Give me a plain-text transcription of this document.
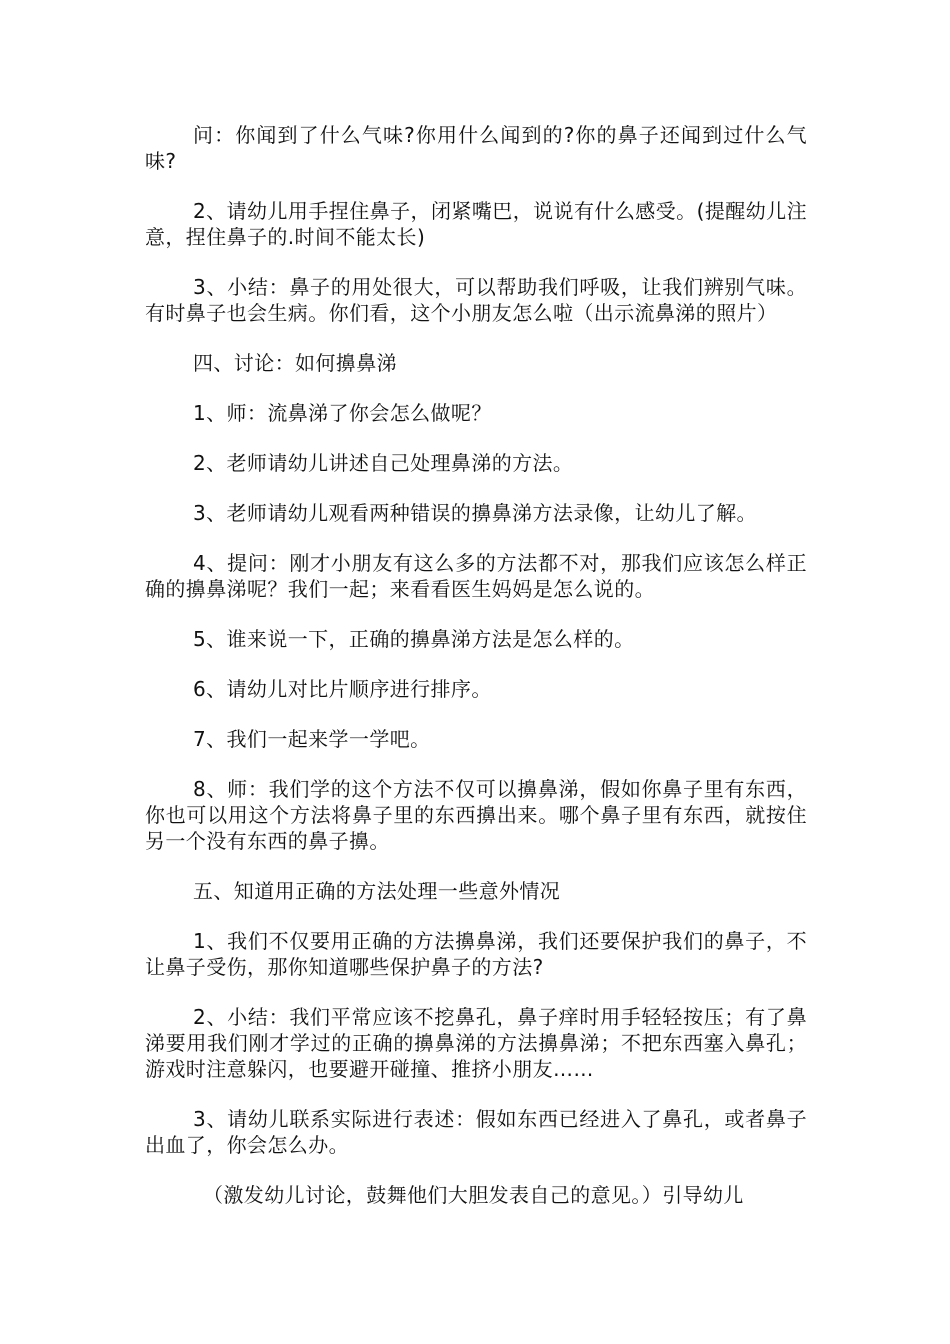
问：你闻到了什么气味?你用什么闻到的?你的鼻子还闻到过什么气味?

2、请幼儿用手捏住鼻子，闭紧嘴巴，说说有什么感受。(提醒幼儿注意，捏住鼻子的.时间不能太长)

3、小结：鼻子的用处很大，可以帮助我们呼吸，让我们辨别气味。有时鼻子也会生病。你们看，这个小朋友怎么啦（出示流鼻涕的照片）

四、讨论：如何擤鼻涕

1、师：流鼻涕了你会怎么做呢？

2、老师请幼儿讲述自己处理鼻涕的方法。

3、老师请幼儿观看两种错误的擤鼻涕方法录像，让幼儿了解。

4、提问：刚才小朋友有这么多的方法都不对，那我们应该怎么样正确的擤鼻涕呢？我们一起；来看看医生妈妈是怎么说的。

5、谁来说一下，正确的擤鼻涕方法是怎么样的。

6、请幼儿对比片顺序进行排序。

7、我们一起来学一学吧。

8、师：我们学的这个方法不仅可以擤鼻涕，假如你鼻子里有东西，你也可以用这个方法将鼻子里的东西擤出来。哪个鼻子里有东西，就按住另一个没有东西的鼻子擤。

五、知道用正确的方法处理一些意外情况

1、我们不仅要用正确的方法擤鼻涕，我们还要保护我们的鼻子，不让鼻子受伤，那你知道哪些保护鼻子的方法?

2、小结：我们平常应该不挖鼻孔，鼻子痒时用手轻轻按压；有了鼻涕要用我们刚才学过的正确的擤鼻涕的方法擤鼻涕；不把东西塞入鼻孔；游戏时注意躲闪，也要避开碰撞、推挤小朋友……

3、请幼儿联系实际进行表述：假如东西已经进入了鼻孔，或者鼻子出血了，你会怎么办。

（激发幼儿讨论，鼓舞他们大胆发表自己的意见。）引导幼儿
